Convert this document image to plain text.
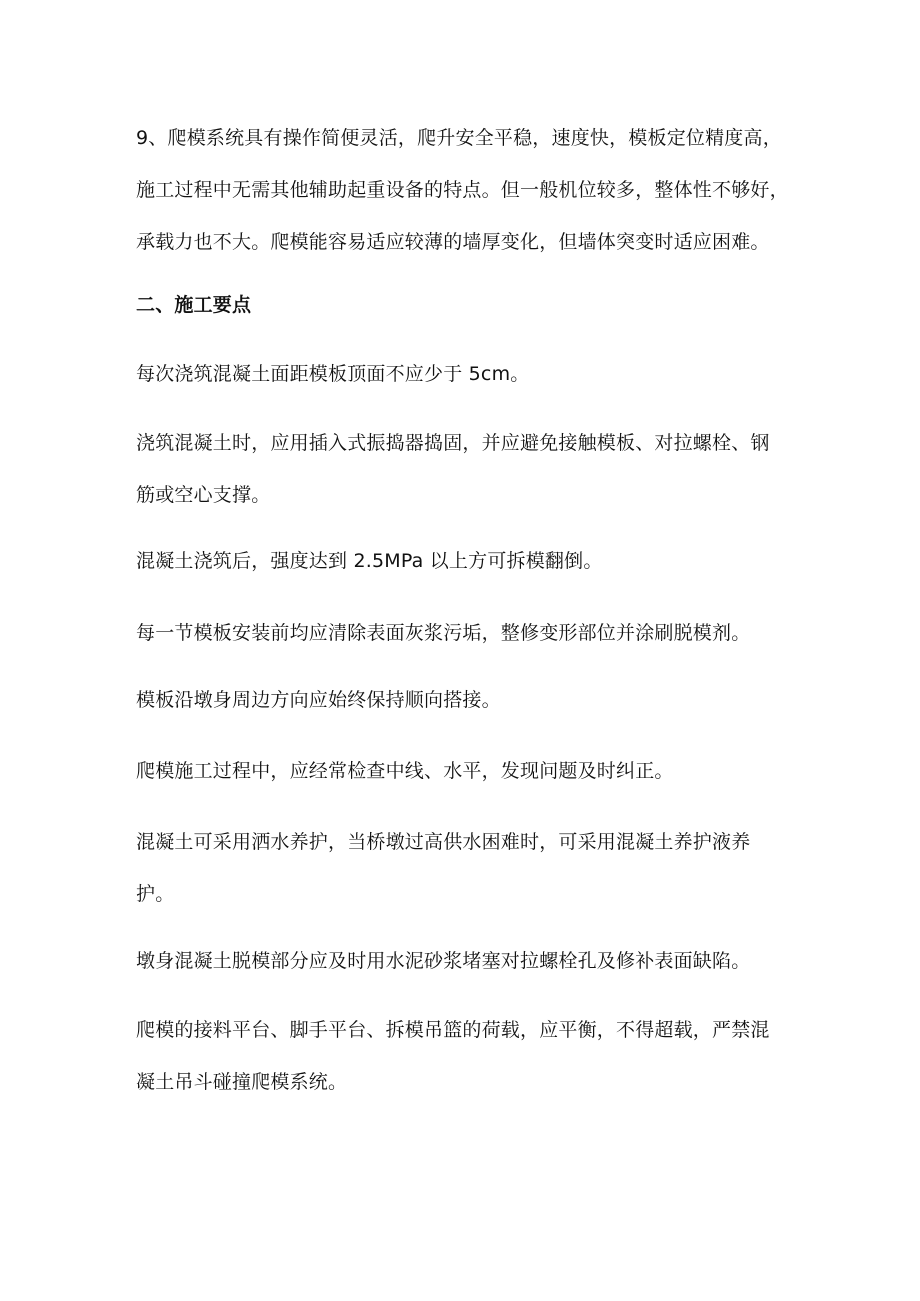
9、爬模系统具有操作简便灵活，爬升安全平稳，速度快，模板定位精度高，
施工过程中无需其他辅助起重设备的特点。但一般机位较多，整体性不够好，
承载力也不大。爬模能容易适应较薄的墙厚变化，但墙体突变时适应困难。
二、施工要点
每次浇筑混凝土面距模板顶面不应少于 5cm。
浇筑混凝土时，应用插入式振捣器捣固，并应避免接触模板、对拉螺栓、钢
筋或空心支撑。
混凝土浇筑后，强度达到 2.5MPa 以上方可拆模翻倒。
每一节模板安装前均应清除表面灰浆污垢，整修变形部位并涂刷脱模剂。
模板沿墩身周边方向应始终保持顺向搭接。
爬模施工过程中，应经常检查中线、水平，发现问题及时纠正。
混凝土可采用洒水养护，当桥墩过高供水困难时，可采用混凝土养护液养
护。
墩身混凝土脱模部分应及时用水泥砂浆堵塞对拉螺栓孔及修补表面缺陷。
爬模的接料平台、脚手平台、拆模吊篮的荷载，应平衡，不得超载，严禁混
凝土吊斗碰撞爬模系统。
